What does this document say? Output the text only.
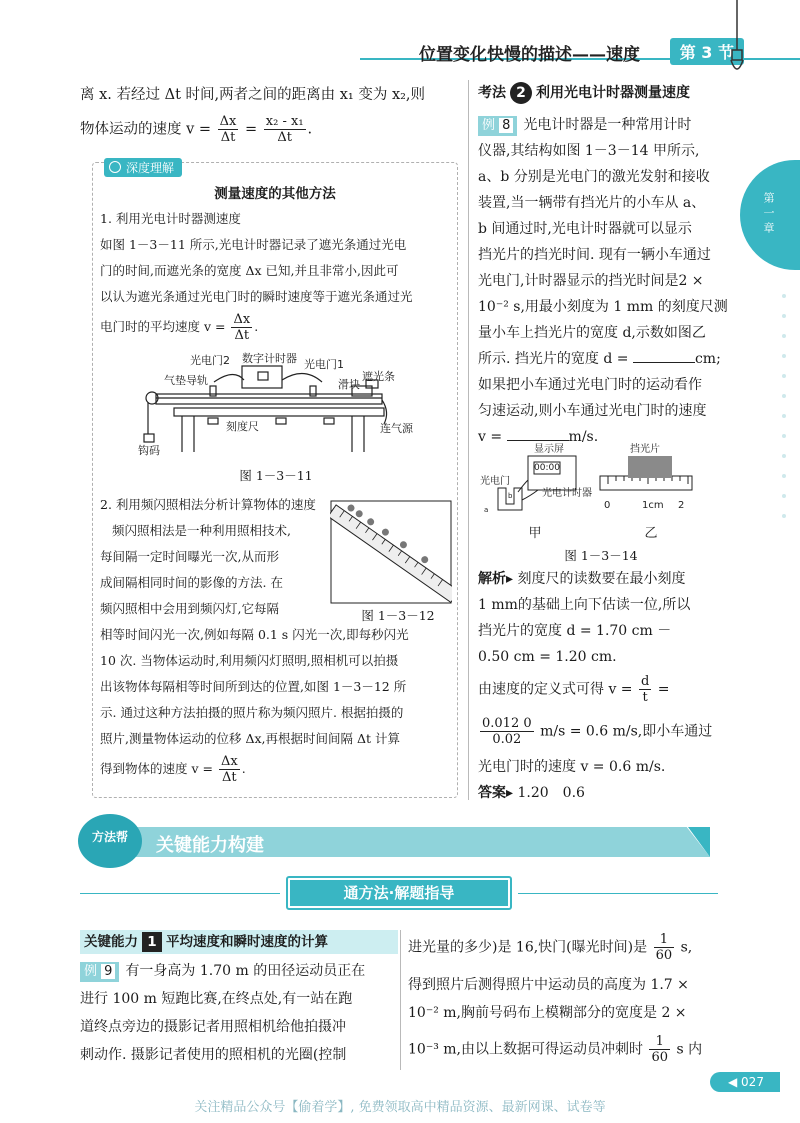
位置变化快慢的描述——速度	第 3 节
第一章
离 x. 若经过 Δt 时间,两者之间的距离由 x₁ 变为 x₂,则
物体运动的速度 $v = \frac{\Delta x}{\Delta t} = \frac{\text{x₂ - x₁}}{\Delta t}$ .
深度理解
测量速度的其他方法
1. 利用光电计时器测速度
如图 1－3－11 所示,光电计时器记录了遮光条通过光电
门的时间,而遮光条的宽度 Δx 已知,并且非常小,因此可
以认为遮光条通过光电门时的瞬时速度等于遮光条通过光
电门时的平均速度 $v = \frac{\Delta x}{\Delta t}$ .
光电门2 数字计时器 光电门1
气垫导轨	滑块
遮光条
刻度尺	连气源
钩码
图 1－3－11
2. 利用频闪照相法分析计算物体的速度
频闪照相法是一种利用照相技术,
每间隔一定时间曝光一次,从而形
成间隔相同时间的影像的方法. 在
频闪照相中会用到频闪灯,它每隔	图 1－3－12
相等时间闪光一次,例如每隔 0.1 s 闪光一次,即每秒闪光
10 次. 当物体运动时,利用频闪灯照明,照相机可以拍摄
出该物体每隔相等时间所到达的位置,如图 1－3－12 所
示. 通过这种方法拍摄的照片称为频闪照片. 根据拍摄的
照片,测量物体运动的位移 Δx,再根据时间间隔 Δt 计算
得到物体的速度 $v = \frac{\Delta x}{\Delta t}$ .
考法 2 利用光电计时器测量速度
例 8 光电计时器是一种常用计时
仪器,其结构如图 1－3－14 甲所示,
a、b 分别是光电门的激光发射和接收
装置,当一辆带有挡光片的小车从 a、
b 间通过时,光电计时器就可以显示
挡光片的挡光时间. 现有一辆小车通过
光电门,计时器显示的挡光时间是2 ×
10⁻² s,用最小刻度为 1 mm 的刻度尺测
量小车上挡光片的宽度 d,示数如图乙
所示. 挡光片的宽度 d =	cm;
如果把小车通过光电门时的运动看作
匀速运动,则小车通过光电门时的速度
v =	m/s.
显示屏
00:00
光电门
光电计时器
挡光片
0	1cm 2
a
b
甲	乙
图 1－3－14
解析▸ 刻度尺的读数要在最小刻度
1 mm的基础上向下估读一位,所以
挡光片的宽度 d = 1.70 cm －
0.50 cm = 1.20 cm.
由速度的定义式可得 $v = \frac{d}{t}$ =
$\frac{0.012 0}{0.02} m/s = 0.6$ m/s,即小车通过
光电门时的速度 v = 0.6 m/s.
答案▸ 1.20　0.6
方法帮	关键能力构建
通方法·解题指导
关键能力 1 平均速度和瞬时速度的计算
例 9 有一身高为 1.70 m 的田径运动员正在
进行 100 m 短跑比赛,在终点处,有一站在跑
道终点旁边的摄影记者用照相机给他拍摄冲
刺动作. 摄影记者使用的照相机的光圈(控制
进光量的多少)是 16,快门(曝光时间)是 $\frac{1}{60} s$,
得到照片后测得照片中运动员的高度为 1.7 ×
10⁻² m,胸前号码布上模糊部分的宽度是 2 ×
10⁻³ m,由以上数据可得运动员冲刺时 $\frac{1}{60}$ s 内
◀ 027
关注精品公众号【偷着学】, 免费领取高中精品资源、最新网课、试卷等
